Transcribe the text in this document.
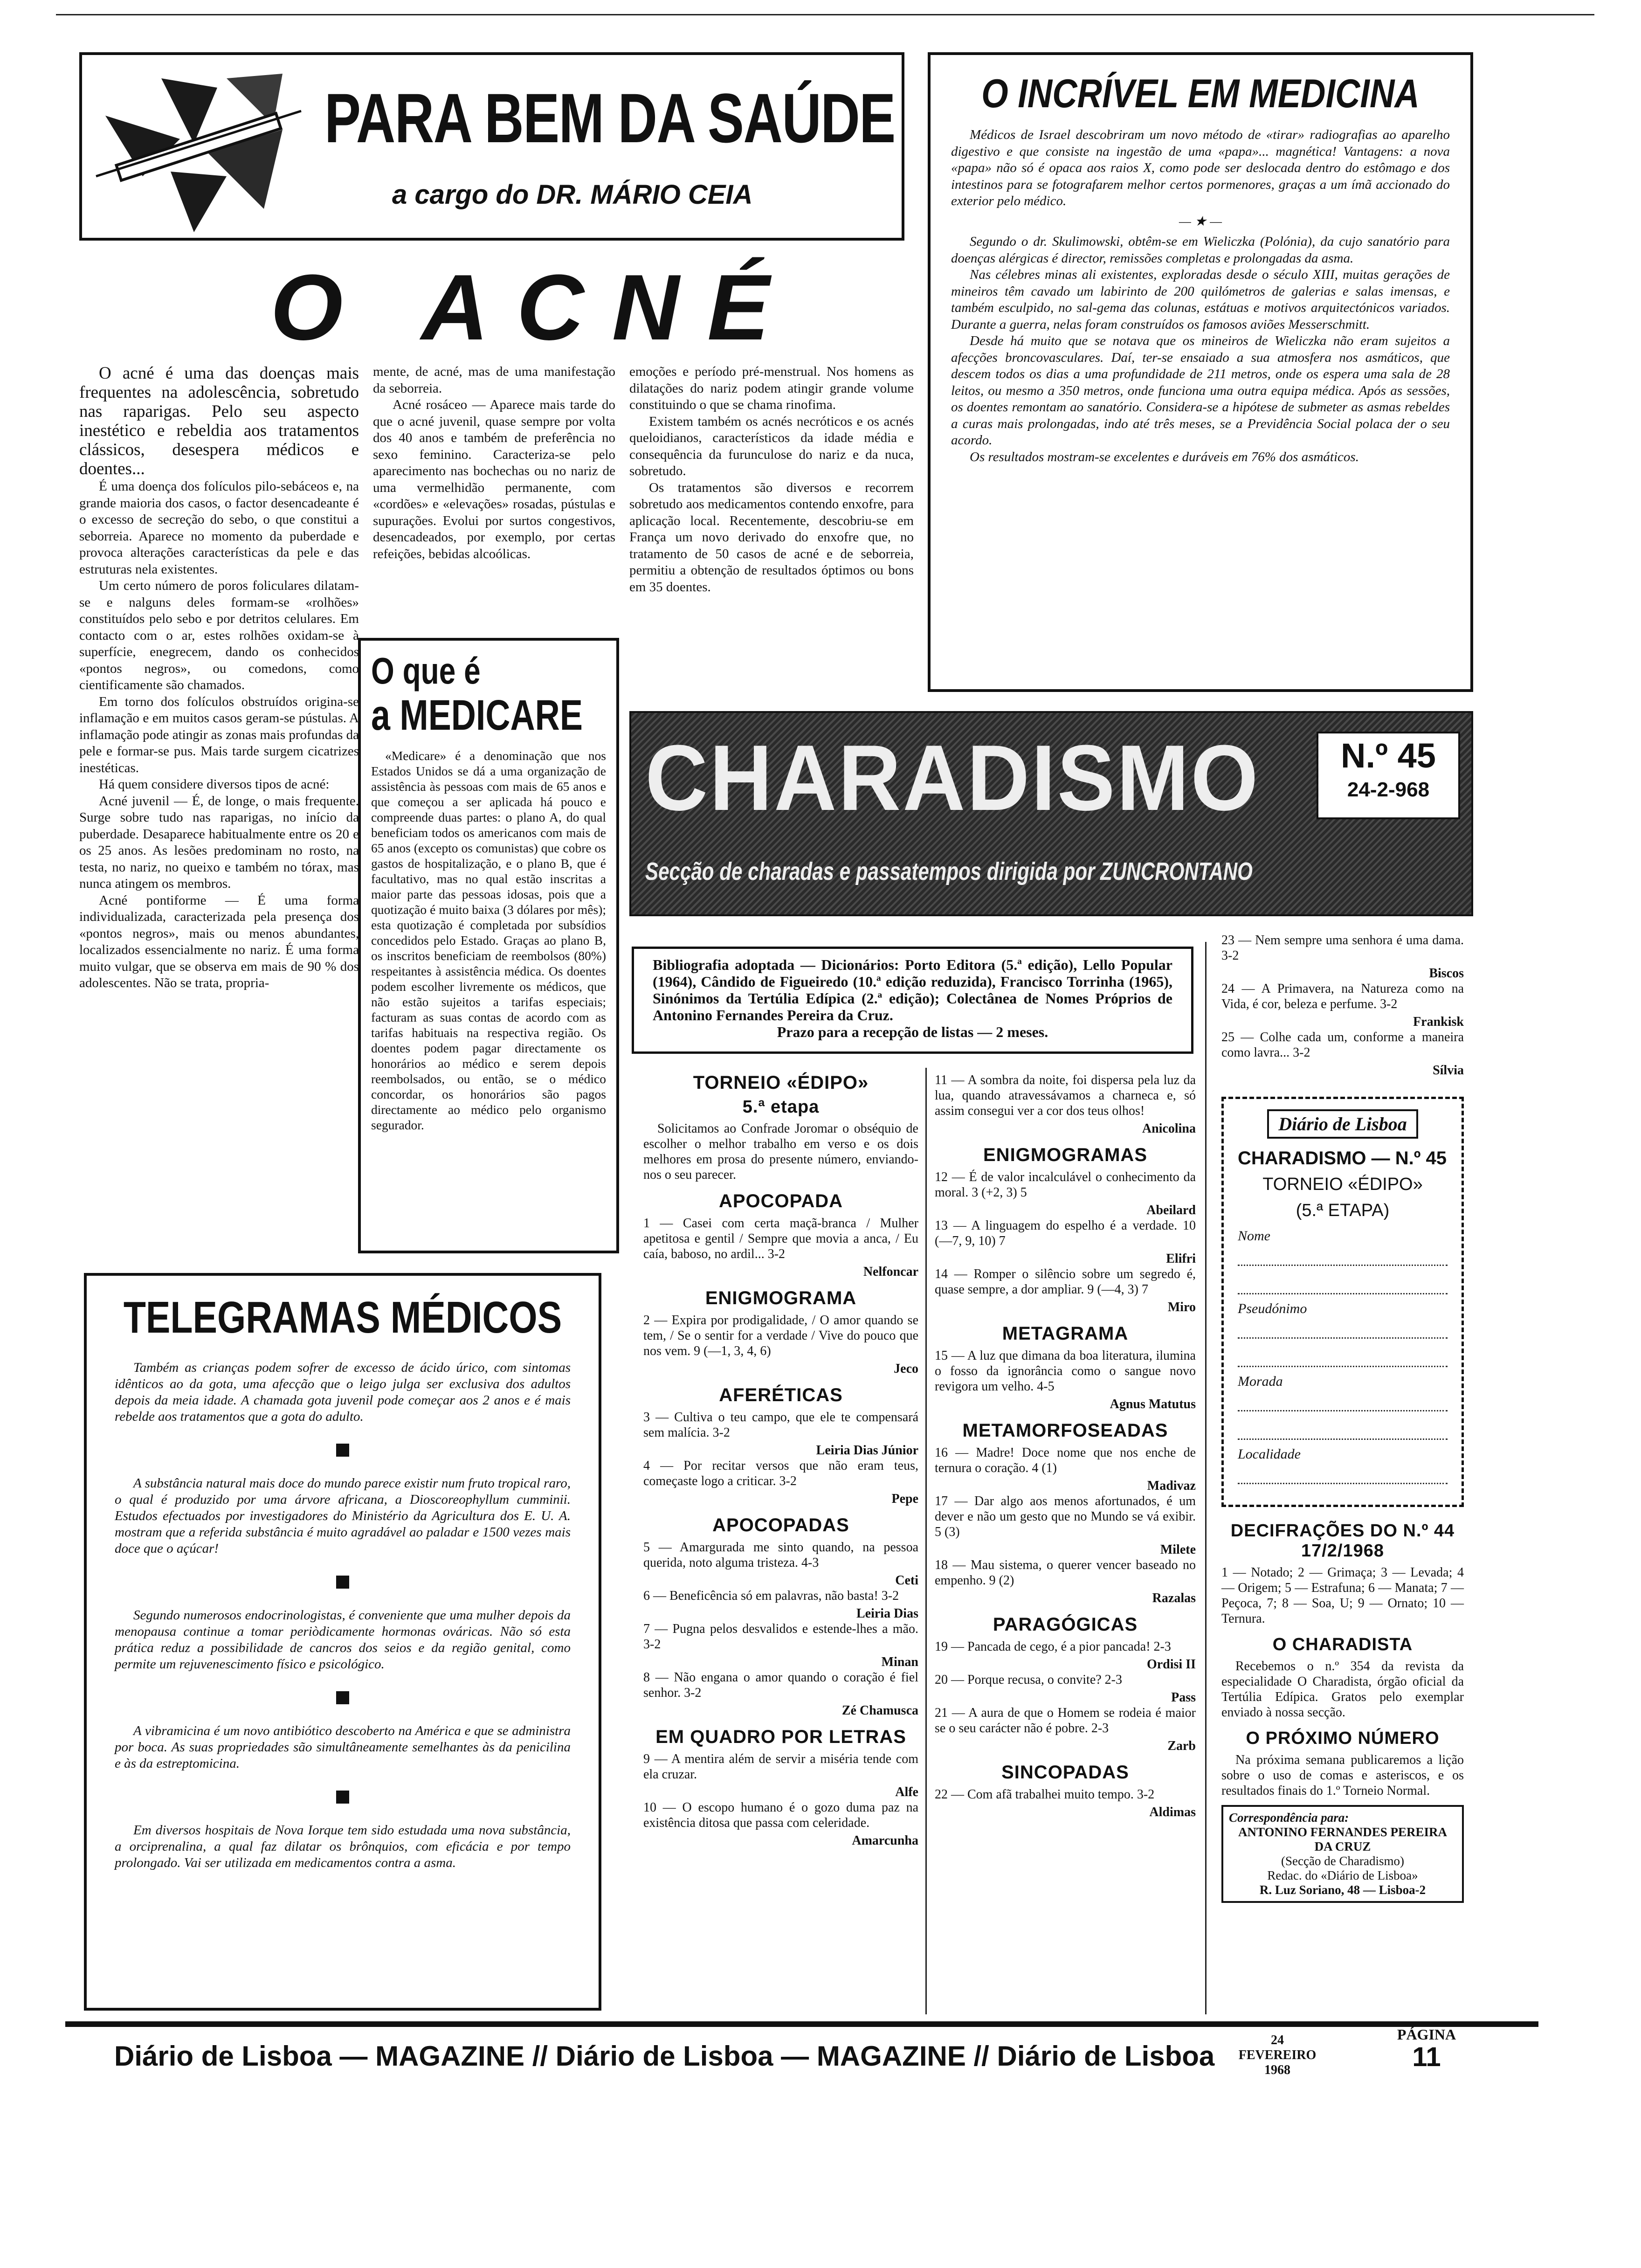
PARA BEM DA SAÚDE
a cargo do DR. MÁRIO CEIA
O INCRÍVEL EM MEDICINA

Médicos de Israel descobriram um novo método de «tirar» radiografias ao aparelho digestivo e que consiste na ingestão de uma «papa»... magnética! Vantagens: a nova «papa» não só é opaca aos raios X, como pode ser deslocada dentro do estômago e dos intestinos para se fotografarem melhor certos pormenores, graças a um ímã accionado do exterior pelo médico.

— ★ —

Segundo o dr. Skulimowski, obtêm-se em Wieliczka (Polónia), da cujo sanatório para doenças alérgicas é director, remissões completas e prolongadas da asma.

Nas célebres minas ali existentes, exploradas desde o século XIII, muitas gerações de mineiros têm cavado um labirinto de 200 quilómetros de galerias e salas imensas, e também esculpido, no sal-gema das colunas, estátuas e motivos arquitectónicos variados. Durante a guerra, nelas foram construídos os famosos aviões Messerschmitt.

Desde há muito que se notava que os mineiros de Wieliczka não eram sujeitos a afecções broncovasculares. Daí, ter-se ensaiado a sua atmosfera nos asmáticos, que descem todos os dias a uma profundidade de 211 metros, onde os espera uma sala de 28 leitos, ou mesmo a 350 metros, onde funciona uma outra equipa médica. Após as sessões, os doentes remontam ao sanatório. Considera-se a hipótese de submeter as asmas rebeldes a curas mais prolongadas, indo até três meses, se a Previdência Social polaca der o seu acordo.

Os resultados mostram-se excelentes e duráveis em 76% dos asmáticos.

O ACNÉ

O acné é uma das doenças mais frequentes na adolescência, sobretudo nas raparigas. Pelo seu aspecto inestético e rebeldia aos tratamentos clássicos, desespera médicos e doentes...

É uma doença dos folículos pilo-sebáceos e, na grande maioria dos casos, o factor desencadeante é o excesso de secreção do sebo, o que constitui a seborreia. Aparece no momento da puberdade e provoca alterações características da pele e das estruturas nela existentes.

Um certo número de poros foliculares dilatam-se e nalguns deles formam-se «rolhões» constituídos pelo sebo e por detritos celulares. Em contacto com o ar, estes rolhões oxidam-se à superfície, enegrecem, dando os conhecidos «pontos negros», ou comedons, como cientificamente são chamados.

Em torno dos folículos obstruídos origina-se inflamação e em muitos casos geram-se pústulas. A inflamação pode atingir as zonas mais profundas da pele e formar-se pus. Mais tarde surgem cicatrizes inestéticas.

Há quem considere diversos tipos de acné:

Acné juvenil — É, de longe, o mais frequente. Surge sobre tudo nas raparigas, no início da puberdade. Desaparece habitualmente entre os 20 e os 25 anos. As lesões predominam no rosto, na testa, no nariz, no queixo e também no tórax, mas nunca atingem os membros.

Acné pontiforme — É uma forma individualizada, caracterizada pela presença dos «pontos negros», mais ou menos abundantes, localizados essencialmente no nariz. É uma forma muito vulgar, que se observa em mais de 90 % dos adolescentes. Não se trata, propria-

mente, de acné, mas de uma manifestação da seborreia.

Acné rosáceo — Aparece mais tarde do que o acné juvenil, quase sempre por volta dos 40 anos e também de preferência no sexo feminino. Caracteriza-se pelo aparecimento nas bochechas ou no nariz de uma vermelhidão permanente, com «cordões» e «elevações» rosadas, pústulas e supurações. Evolui por surtos congestivos, desencadeados, por exemplo, por certas refeições, bebidas alcoólicas.

emoções e período pré-menstrual. Nos homens as dilatações do nariz podem atingir grande volume constituindo o que se chama rinofima.

Existem também os acnés necróticos e os acnés queloidianos, característicos da idade média e consequência da furunculose do nariz e da nuca, sobretudo.

Os tratamentos são diversos e recorrem sobretudo aos medicamentos contendo enxofre, para aplicação local. Recentemente, descobriu-se em França um novo derivado do enxofre que, no tratamento de 50 casos de acné e de seborreia, permitiu a obtenção de resultados óptimos ou bons em 35 doentes.

O que é
a MEDICARE
«Medicare» é a denominação que nos Estados Unidos se dá a uma organização de assistência às pessoas com mais de 65 anos e que começou a ser aplicada há pouco e compreende duas partes: o plano A, do qual beneficiam todos os americanos com mais de 65 anos (excepto os comunistas) que cobre os gastos de hospitalização, e o plano B, que é facultativo, mas no qual estão inscritas a maior parte das pessoas idosas, pois que a quotização é muito baixa (3 dólares por mês); esta quotização é completada por subsídios concedidos pelo Estado. Graças ao plano B, os inscritos beneficiam de reembolsos (80%) respeitantes à assistência médica. Os doentes podem escolher livremente os médicos, que não estão sujeitos a tarifas especiais; facturam as suas contas de acordo com as tarifas habituais na respectiva região. Os doentes podem pagar directamente os honorários ao médico e serem depois reembolsados, ou então, se o médico concordar, os honorários são pagos directamente ao médico pelo organismo segurador.
TELEGRAMAS MÉDICOS

Também as crianças podem sofrer de excesso de ácido úrico, com sintomas idênticos ao da gota, uma afecção que o leigo julga ser exclusiva dos adultos depois da meia idade. A chamada gota juvenil pode começar aos 2 anos e é mais rebelde aos tratamentos que a gota do adulto.

A substância natural mais doce do mundo parece existir num fruto tropical raro, o qual é produzido por uma árvore africana, a Dioscoreophyllum cumminii. Estudos efectuados por investigadores do Ministério da Agricultura dos E. U. A. mostram que a referida substância é muito agradável ao paladar e 1500 vezes mais doce que o açúcar!

Segundo numerosos endocrinologistas, é conveniente que uma mulher depois da menopausa continue a tomar periòdicamente hormonas ováricas. Não só esta prática reduz a possibilidade de cancros dos seios e da região genital, como permite um rejuvenescimento físico e psicológico.

A vibramicina é um novo antibiótico descoberto na América e que se administra por boca. As suas propriedades são simultâneamente semelhantes às da penicilina e às da estreptomicina.

Em diversos hospitais de Nova Iorque tem sido estudada uma nova substância, a orciprenalina, a qual faz dilatar os brônquios, com eficácia e por tempo prolongado. Vai ser utilizada em medicamentos contra a asma.

CHARADISMO	N.º 45
24-2-968
Secção de charadas e passatempos dirigida por ZUNCRONTANO
Bibliografia adoptada — Dicionários: Porto Editora (5.ª edição), Lello Popular (1964), Cândido de Figueiredo (10.ª edição reduzida), Francisco Torrinha (1965), Sinónimos da Tertúlia Edípica (2.ª edição); Colectânea de Nomes Próprios de Antonino Fernandes Pereira da Cruz.
Prazo para a recepção de listas — 2 meses.
TORNEIO «ÉDIPO»
5.ª etapa
Solicitamos ao Confrade Joromar o obséquio de escolher o melhor trabalho em verso e os dois melhores em prosa do presente número, enviando-nos o seu parecer.
APOCOPADA
1 — Casei com certa maçã-branca / Mulher apetitosa e gentil / Sempre que movia a anca, / Eu caía, baboso, no ardil... 3-2
Nelfoncar
ENIGMOGRAMA
2 — Expira por prodigalidade, / O amor quando se tem, / Se o sentir for a verdade / Vive do pouco que nos vem. 9 (—1, 3, 4, 6)
Jeco
AFERÉTICAS
3 — Cultiva o teu campo, que ele te compensará sem malícia. 3-2
Leiria Dias Júnior
4 — Por recitar versos que não eram teus, começaste logo a criticar. 3-2
Pepe
APOCOPADAS
5 — Amargurada me sinto quando, na pessoa querida, noto alguma tristeza. 4-3
Ceti
6 — Beneficência só em palavras, não basta! 3-2
Leiria Dias
7 — Pugna pelos desvalidos e estende-lhes a mão. 3-2
Minan
8 — Não engana o amor quando o coração é fiel senhor. 3-2
Zé Chamusca
EM QUADRO POR LETRAS
9 — A mentira além de servir a miséria tende com ela cruzar.
Alfe
10 — O escopo humano é o gozo duma paz na existência ditosa que passa com celeridade.
Amarcunha
11 — A sombra da noite, foi dispersa pela luz da lua, quando atravessávamos a charneca e, só assim consegui ver a cor dos teus olhos!
Anicolina
ENIGMOGRAMAS
12 — É de valor incalculável o conhecimento da moral. 3 (+2, 3) 5
Abeilard
13 — A linguagem do espelho é a verdade. 10 (—7, 9, 10) 7
Elifri
14 — Romper o silêncio sobre um segredo é, quase sempre, a dor ampliar. 9 (—4, 3) 7
Miro
METAGRAMA
15 — A luz que dimana da boa literatura, ilumina o fosso da ignorância como o sangue novo revigora um velho. 4-5
Agnus Matutus
METAMORFOSEADAS
16 — Madre! Doce nome que nos enche de ternura o coração. 4 (1)
Madivaz
17 — Dar algo aos menos afortunados, é um dever e não um gesto que no Mundo se vá exibir. 5 (3)
Milete
18 — Mau sistema, o querer vencer baseado no empenho. 9 (2)
Razalas
PARAGÓGICAS
19 — Pancada de cego, é a pior pancada! 2-3
Ordisi II
20 — Porque recusa, o convite? 2-3
Pass
21 — A aura de que o Homem se rodeia é maior se o seu carácter não é pobre. 2-3
Zarb
SINCOPADAS
22 — Com afã trabalhei muito tempo. 3-2
Aldimas
23 — Nem sempre uma senhora é uma dama. 3-2
Biscos
24 — A Primavera, na Natureza como na Vida, é cor, beleza e perfume. 3-2
Frankisk
25 — Colhe cada um, conforme a maneira como lavra... 3-2
Sílvia
Diário de Lisboa
CHARADISMO — N.º 45
TORNEIO «ÉDIPO»
(5.ª ETAPA)
Nome
Pseudónimo
Morada
Localidade
DECIFRAÇÕES DO N.º 44
17/2/1968
1 — Notado; 2 — Grimaça; 3 — Levada; 4 — Origem; 5 — Estrafuna; 6 — Manata; 7 — Peçoca, 7; 8 — Soa, U; 9 — Ornato; 10 — Ternura.
O CHARADISTA
Recebemos o n.º 354 da revista da especialidade O Charadista, órgão oficial da Tertúlia Edípica. Gratos pelo exemplar enviado à nossa secção.
O PRÓXIMO NÚMERO
Na próxima semana publicaremos a lição sobre o uso de comas e asteriscos, e os resultados finais do 1.º Torneio Normal.
Correspondência para:
ANTONINO FERNANDES PEREIRA DA CRUZ
(Secção de Charadismo)
Redac. do «Diário de Lisboa»
R. Luz Soriano, 48 — Lisboa-2
Diário de Lisboa — MAGAZINE // Diário de Lisboa — MAGAZINE // Diário de Lisboa
24
FEVEREIRO
1968
PÁGINA
11
